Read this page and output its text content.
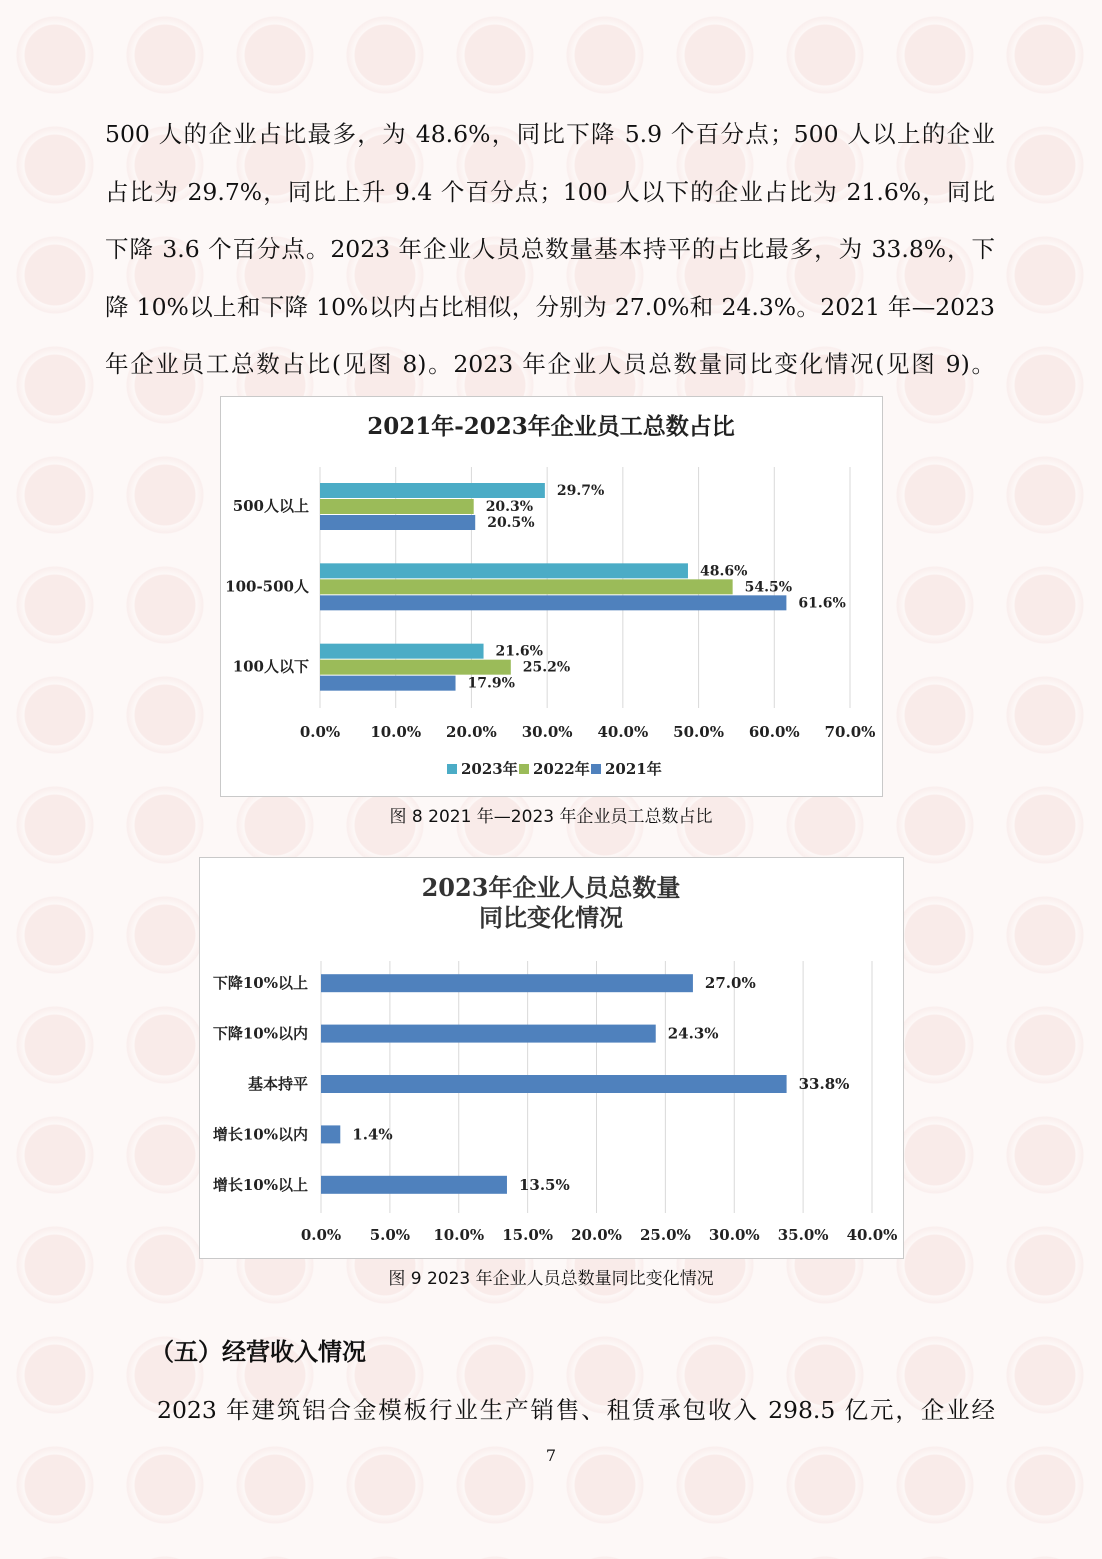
500 人的企业占比最多，为 48.6%，同比下降 5.9 个百分点；500 人以上的企业
占比为 29.7%，同比上升 9.4 个百分点；100 人以下的企业占比为 21.6%，同比
下降 3.6 个百分点。2023 年企业人员总数量基本持平的占比最多，为 33.8%，下
降 10%以上和下降 10%以内占比相似，分别为 27.0%和 24.3%。2021 年—2023
年企业员工总数占比(见图 8)。2023 年企业人员总数量同比变化情况(见图 9)。
2021年-2023年企业员工总数占比
0.0% 10.0% 20.0% 30.0% 40.0% 50.0% 60.0% 70.0%
500人以上
29.7%
20.3%
20.5%
100-500人
48.6%
54.5%
61.6%
100人以下
21.6%
25.2%
17.9%
2023年 2022年 2021年
图 8 2021 年—2023 年企业员工总数占比
2023年企业人员总数量
同比变化情况
0.0% 5.0% 10.0% 15.0% 20.0% 25.0% 30.0% 35.0% 40.0%
下降10%以上	27.0%
下降10%以内	24.3%
基本持平	33.8%
增长10%以内	1.4%
增长10%以上	13.5%
图 9 2023 年企业人员总数量同比变化情况
（五）经营收入情况

2023 年建筑铝合金模板行业生产销售、租赁承包收入 298.5 亿元，企业经

7
